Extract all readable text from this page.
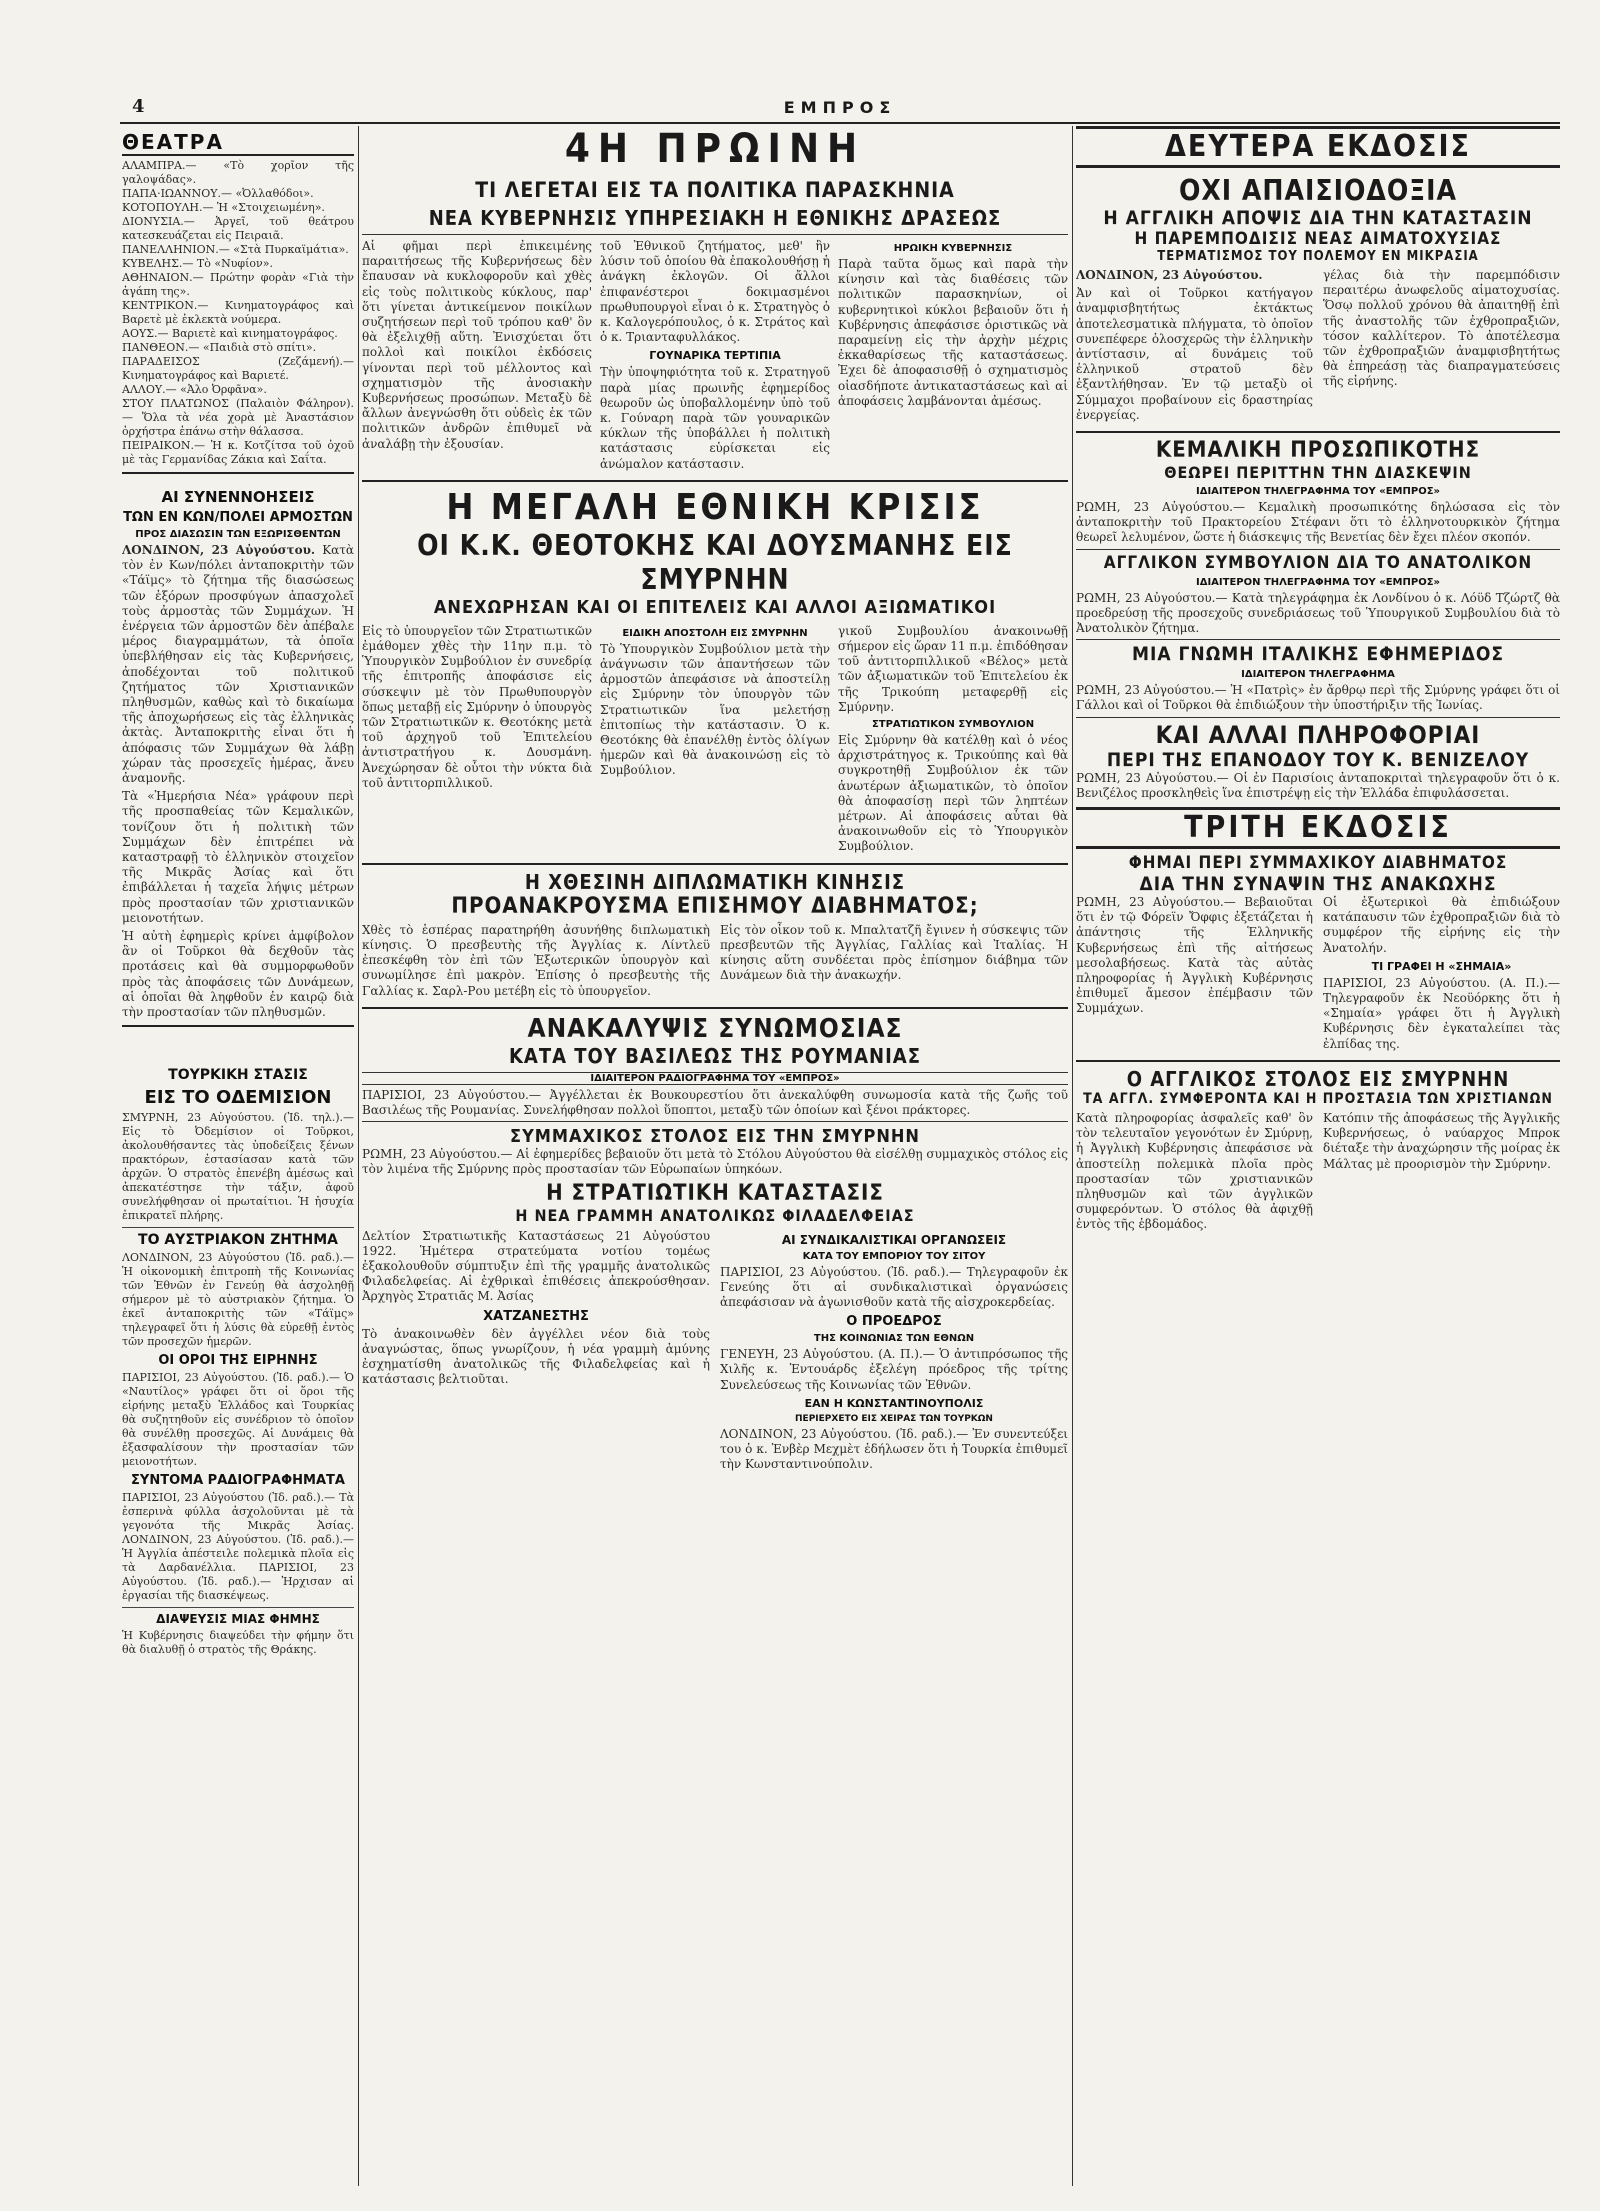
4	ΕΜΠΡΟΣ
ΘΕΑΤΡΑ

ΑΛΑΜΠΡΑ.— «Τὸ χορῖον τῆς γαλοψάδας».

ΠΑΠΑ·ΙΩΑΝΝΟΥ.— «Ὀλλαθόδοι».

ΚΟΤΟΠΟΥΛΗ.— Ἡ «Στοιχειωμένη».

ΔΙΟΝΥΣΙΑ.— Ἀργεῖ, τοῦ θεάτρου κατεσκευάζεται εἰς Πειραιᾶ.

ΠΑΝΕΛΛΗΝΙΟΝ.— «Στὰ Πυρκαϊμάτια».

ΚΥΒΕΛΗΣ.— Τὸ «Νυφίον».

ΑΘΗΝΑΙΟΝ.— Πρώτην φορὰν «Γιὰ τὴν ἀγάπη της».

ΚΕΝΤΡΙΚΟΝ.— Κινηματογράφος καὶ Βαρετὲ μὲ ἐκλεκτὰ νούμερα.

ΑΟΥΣ.— Βαριετὲ καὶ κινηματογράφος.

ΠΑΝΘΕΟΝ.— «Παιδιὰ στὸ σπίτι».

ΠΑΡΑΔΕΙΣΟΣ (Ζεζάμενή).— Κινηματογράφος καὶ Βαριετέ.

ΑΛΛΟΥ.— «Ἀλο Ὀρφᾶνα».

ΣΤΟΥ ΠΛΑΤΩΝΟΣ (Παλαιὸν Φάληρον).— Ὅλα τὰ νέα χορὰ μὲ Ἀναστάσιον ὀρχήστρα ἐπάνω στὴν θάλασσα.

ΠΕΙΡΑΙΚΟΝ.— Ἡ κ. Κοτζίτσα τοῦ ὀχοῦ μὲ τὰς Γερμανίδας Ζάκια καὶ Σαΐτα.

ΑΙ ΣΥΝΕΝΝΟΗΣΕΙΣ
ΤΩΝ ΕΝ ΚΩΝ/ΠΟΛΕΙ ΑΡΜΟΣΤΩΝ
ΠΡΟΣ ΔΙΑΣΩΣΙΝ ΤΩΝ ΕΞΩΡΙΣΘΕΝΤΩΝ

ΛΟΝΔΙΝΟΝ, 23 Αὐγούστου. Κατὰ τὸν ἐν Κων/πόλει ἀνταποκριτὴν τῶν «Τάϊμς» τὸ ζήτημα τῆς διασώσεως τῶν ἐξόρων προσφύγων ἀπασχολεῖ τοὺς ἀρμοστὰς τῶν Συμμάχων. Ἡ ἐνέργεια τῶν ἀρμοστῶν δὲν ἀπέβαλε μέρος διαγραμμάτων, τὰ ὁποῖα ὑπεβλήθησαν εἰς τὰς Κυβερνήσεις, ἀποδέχονται τοῦ πολιτικοῦ ζητήματος τῶν Χριστιανικῶν πληθυσμῶν, καθὼς καὶ τὸ δικαίωμα τῆς ἀποχωρήσεως εἰς τὰς ἐλληνικὰς ἀκτὰς. Ἀνταποκριτὴς εἶναι ὅτι ἡ ἀπόφασις τῶν Συμμάχων θὰ λάβῃ χώραν τὰς προσεχεῖς ἡμέρας, ἄνευ ἀναμονῆς.

Τὰ «Ἡμερήσια Νέα» γράφουν περὶ τῆς προσπαθείας τῶν Κεμαλικῶν, τονίζουν ὅτι ἡ πολιτικὴ τῶν Συμμάχων δὲν ἐπιτρέπει νὰ καταστραφῇ τὸ ἑλληνικὸν στοιχεῖον τῆς Μικρᾶς Ἀσίας καὶ ὅτι ἐπιβάλλεται ἡ ταχεῖα λήψις μέτρων πρὸς προστασίαν τῶν χριστιανικῶν μειονοτήτων.

Ἡ αὐτὴ ἐφημερὶς κρίνει ἀμφίβολον ἂν οἱ Τοῦρκοι θὰ δεχθοῦν τὰς προτάσεις καὶ θὰ συμμορφωθοῦν πρὸς τὰς ἀποφάσεις τῶν Δυνάμεων, αἱ ὁποῖαι θὰ ληφθοῦν ἐν καιρῷ διὰ τὴν προστασίαν τῶν πληθυσμῶν.

ΤΟΥΡΚΙΚΗ ΣΤΑΣΙΣ
ΕΙΣ ΤΟ ΟΔΕΜΙΣΙΟΝ

ΣΜΥΡΝΗ, 23 Αὐγούστου. (Ἰδ. τηλ.).— Εἰς τὸ Ὀδεμίσιον οἱ Τοῦρκοι, ἀκολουθήσαντες τὰς ὑποδείξεις ξένων πρακτόρων, ἐστασίασαν κατὰ τῶν ἀρχῶν. Ὁ στρατὸς ἐπενέβη ἀμέσως καὶ ἀπεκατέστησε τὴν τάξιν, ἀφοῦ συνελήφθησαν οἱ πρωταίτιοι. Ἡ ἡσυχία ἐπικρατεῖ πλήρης.

ΤΟ ΑΥΣΤΡΙΑΚΟΝ ΖΗΤΗΜΑ

ΛΟΝΔΙΝΟΝ, 23 Αὐγούστου (Ἰδ. ραδ.).— Ἡ οἰκονομικὴ ἐπιτροπὴ τῆς Κοινωνίας τῶν Ἐθνῶν ἐν Γενεύῃ θὰ ἀσχοληθῇ σήμερον μὲ τὸ αὐστριακὸν ζήτημα. Ὁ ἐκεῖ ἀνταποκριτὴς τῶν «Τάϊμς» τηλεγραφεῖ ὅτι ἡ λύσις θὰ εὑρεθῇ ἐντὸς τῶν προσεχῶν ἡμερῶν.

ΟΙ ΟΡΟΙ ΤΗΣ ΕΙΡΗΝΗΣ

ΠΑΡΙΣΙΟΙ, 23 Αὐγούστου. (Ἰδ. ραδ.).— Ὁ «Ναυτίλος» γράφει ὅτι οἱ ὅροι τῆς εἰρήνης μεταξὺ Ἑλλάδος καὶ Τουρκίας θὰ συζητηθοῦν εἰς συνέδριον τὸ ὁποῖον θὰ συνέλθῃ προσεχῶς. Αἱ Δυνάμεις θὰ ἐξασφαλίσουν τὴν προστασίαν τῶν μειονοτήτων.

ΣΥΝΤΟΜΑ ΡΑΔΙΟΓΡΑΦΗΜΑΤΑ

ΠΑΡΙΣΙΟΙ, 23 Αὐγούστου (Ἰδ. ραδ.).— Τὰ ἐσπερινὰ φύλλα ἀσχολοῦνται μὲ τὰ γεγονότα τῆς Μικρᾶς Ἀσίας. ΛΟΝΔΙΝΟΝ, 23 Αὐγούστου. (Ἰδ. ραδ.).— Ἡ Ἀγγλία ἀπέστειλε πολεμικὰ πλοῖα εἰς τὰ Δαρδανέλλια. ΠΑΡΙΣΙΟΙ, 23 Αὐγούστου. (Ἰδ. ραδ.).— Ἠρχισαν αἱ ἐργασίαι τῆς διασκέψεως.

ΔΙΑΨΕΥΣΙΣ ΜΙΑΣ ΦΗΜΗΣ

Ἡ Κυβέρνησις διαψεύδει τὴν φήμην ὅτι θὰ διαλυθῇ ὁ στρατὸς τῆς Θράκης.

4Η ΠΡΩΙΝΗ
ΤΙ ΛΕΓΕΤΑΙ ΕΙΣ ΤΑ ΠΟΛΙΤΙΚΑ ΠΑΡΑΣΚΗΝΙΑ
ΝΕΑ ΚΥΒΕΡΝΗΣΙΣ ΥΠΗΡΕΣΙΑΚΗ Η ΕΘΝΙΚΗΣ ΔΡΑΣΕΩΣ

Αἱ φῆμαι περὶ ἐπικειμένης παραιτήσεως τῆς Κυβερνήσεως δὲν ἔπαυσαν νὰ κυκλοφοροῦν καὶ χθὲς εἰς τοὺς πολιτικοὺς κύκλους, παρ' ὅτι γίνεται ἀντικείμενον ποικίλων συζητήσεων περὶ τοῦ τρόπου καθ' ὃν θὰ ἐξελιχθῇ αὕτη. Ἐνισχύεται ὅτι πολλοὶ καὶ ποικίλοι ἐκδόσεις γίνονται περὶ τοῦ μέλλοντος καὶ σχηματισμὸν τῆς ἀνοσιακὴν Κυβερνήσεως προσώπων. Μεταξὺ δὲ ἄλλων ἀνεγνώσθη ὅτι οὐδεὶς ἐκ τῶν πολιτικῶν ἀνδρῶν ἐπιθυμεῖ νὰ ἀναλάβῃ τὴν ἐξουσίαν.

τοῦ Ἐθνικοῦ ζητήματος, μεθ' ἣν λύσιν τοῦ ὁποίου θὰ ἐπακολουθήσῃ ἡ ἀνάγκη ἐκλογῶν. Οἱ ἄλλοι ἐπιφανέστεροι δοκιμασμένοι πρωθυπουργοὶ εἶναι ὁ κ. Στρατηγὸς ὁ κ. Καλογερόπουλος, ὁ κ. Στράτος καὶ ὁ κ. Τριανταφυλλάκος.

ΓΟΥΝΑΡΙΚΑ ΤΕΡΤΙΠΙΑ

Τὴν ὑποψηφιότητα τοῦ κ. Στρατηγοῦ παρὰ μίας πρωινῆς ἐφημερίδος θεωροῦν ὡς ὑποβαλλομένην ὑπὸ τοῦ κ. Γούναρη παρὰ τῶν γουναρικῶν κύκλων τῆς ὑποβάλλει ἡ πολιτικὴ κατάστασις εὑρίσκεται εἰς ἀνώμαλον κατάστασιν.

ΗΡΩΙΚΗ ΚΥΒΕΡΝΗΣΙΣ

Παρὰ ταῦτα ὅμως καὶ παρὰ τὴν κίνησιν καὶ τὰς διαθέσεις τῶν πολιτικῶν παρασκηνίων, οἱ κυβερνητικοὶ κύκλοι βεβαιοῦν ὅτι ἡ Κυβέρνησις ἀπεφάσισε ὁριστικῶς νὰ παραμείνῃ εἰς τὴν ἀρχὴν μέχρις ἐκκαθαρίσεως τῆς καταστάσεως. Ἐχει δὲ ἀποφασισθῇ ὁ σχηματισμὸς οἱασδήποτε ἀντικαταστάσεως καὶ αἱ ἀποφάσεις λαμβάνονται ἀμέσως.

Η ΜΕΓΑΛΗ ΕΘΝΙΚΗ ΚΡΙΣΙΣ
ΟΙ Κ.Κ. ΘΕΟΤΟΚΗΣ ΚΑΙ ΔΟΥΣΜΑΝΗΣ ΕΙΣ ΣΜΥΡΝΗΝ
ΑΝΕΧΩΡΗΣΑΝ ΚΑΙ ΟΙ ΕΠΙΤΕΛΕΙΣ ΚΑΙ ΑΛΛΟΙ ΑΞΙΩΜΑΤΙΚΟΙ

Εἰς τὸ ὑπουργεῖον τῶν Στρατιωτικῶν ἐμάθομεν χθὲς τὴν 11ην π.μ. τὸ Ὑπουργικὸν Συμβούλιον ἐν συνεδρίᾳ τῆς ἐπιτροπῆς ἀποφάσισε εἰς σύσκεψιν μὲ τὸν Πρωθυπουργὸν ὅπως μεταβῇ εἰς Σμύρνην ὁ ὑπουργὸς τῶν Στρατιωτικῶν κ. Θεοτόκης μετὰ τοῦ ἀρχηγοῦ τοῦ Ἐπιτελείου ἀντιστρατήγου κ. Δουσμάνη. Ἀνεχώρησαν δὲ οὗτοι τὴν νύκτα διὰ τοῦ ἀντιτορπιλλικοῦ.

ΕΙΔΙΚΗ ΑΠΟΣΤΟΛΗ ΕΙΣ ΣΜΥΡΝΗΝ

Τὸ Ὑπουργικὸν Συμβούλιον μετὰ τὴν ἀνάγνωσιν τῶν ἀπαντήσεων τῶν ἀρμοστῶν ἀπεφάσισε νὰ ἀποστείλῃ εἰς Σμύρνην τὸν ὑπουργὸν τῶν Στρατιωτικῶν ἵνα μελετήσῃ ἐπιτοπίως τὴν κατάστασιν. Ὁ κ. Θεοτόκης θὰ ἐπανέλθῃ ἐντὸς ὀλίγων ἡμερῶν καὶ θὰ ἀνακοινώσῃ εἰς τὸ Συμβούλιον.

γικοῦ Συμβουλίου ἀνακοινωθῇ σήμερον εἰς ὥραν 11 π.μ. ἐπιδόθησαν τοῦ ἀντιτορπιλλικοῦ «Βέλος» μετὰ τῶν ἀξιωματικῶν τοῦ Ἐπιτελείου ἐκ τῆς Τρικούπη μεταφερθῇ εἰς Σμύρνην.

ΣΤΡΑΤΙΩΤΙΚΟΝ ΣΥΜΒΟΥΛΙΟΝ

Εἰς Σμύρνην θὰ κατέλθῃ καὶ ὁ νέος ἀρχιστράτηγος κ. Τρικούπης καὶ θὰ συγκροτηθῇ Συμβούλιον ἐκ τῶν ἀνωτέρων ἀξιωματικῶν, τὸ ὁποῖον θὰ ἀποφασίσῃ περὶ τῶν ληπτέων μέτρων. Αἱ ἀποφάσεις αὗται θὰ ἀνακοινωθοῦν εἰς τὸ Ὑπουργικὸν Συμβούλιον.

Η ΧΘΕΣΙΝΗ ΔΙΠΛΩΜΑΤΙΚΗ ΚΙΝΗΣΙΣ
ΠΡΟΑΝΑΚΡΟΥΣΜΑ ΕΠΙΣΗΜΟΥ ΔΙΑΒΗΜΑΤΟΣ;

Χθὲς τὸ ἑσπέρας παρατηρήθη ἀσυνήθης διπλωματικὴ κίνησις. Ὁ πρεσβευτὴς τῆς Ἀγγλίας κ. Λίντλεϋ ἐπεσκέφθη τὸν ἐπὶ τῶν Ἐξωτερικῶν ὑπουργὸν καὶ συνωμίλησε ἐπὶ μακρὸν. Ἐπίσης ὁ πρεσβευτὴς τῆς Γαλλίας κ. Σαρλ-Ρου μετέβη εἰς τὸ ὑπουργεῖον.

Εἰς τὸν οἶκον τοῦ κ. Μπαλτατζῆ ἔγινεν ἡ σύσκεψις τῶν πρεσβευτῶν τῆς Ἀγγλίας, Γαλλίας καὶ Ἰταλίας. Ἡ κίνησις αὕτη συνδέεται πρὸς ἐπίσημον διάβημα τῶν Δυνάμεων διὰ τὴν ἀνακωχήν.

ΑΝΑΚΑΛΥΨΙΣ ΣΥΝΩΜΟΣΙΑΣ
ΚΑΤΑ ΤΟΥ ΒΑΣΙΛΕΩΣ ΤΗΣ ΡΟΥΜΑΝΙΑΣ
ΙΔΙΑΙΤΕΡΟΝ ΡΑΔΙΟΓΡΑΦΗΜΑ ΤΟΥ «ΕΜΠΡΟΣ»

ΠΑΡΙΣΙΟΙ, 23 Αὐγούστου.— Ἀγγέλλεται ἐκ Βουκουρεστίου ὅτι ἀνεκαλύφθη συνωμοσία κατὰ τῆς ζωῆς τοῦ Βασιλέως τῆς Ρουμανίας. Συνελήφθησαν πολλοὶ ὕποπτοι, μεταξὺ τῶν ὁποίων καὶ ξένοι πράκτορες.

ΣΥΜΜΑΧΙΚΟΣ ΣΤΟΛΟΣ ΕΙΣ ΤΗΝ ΣΜΥΡΝΗΝ

ΡΩΜΗ, 23 Αὐγούστου.— Αἱ ἐφημερίδες βεβαιοῦν ὅτι μετὰ τὸ Στόλου Αὐγούστου θὰ εἰσέλθῃ συμμαχικὸς στόλος εἰς τὸν λιμένα τῆς Σμύρνης πρὸς προστασίαν τῶν Εὐρωπαίων ὑπηκόων.

Η ΣΤΡΑΤΙΩΤΙΚΗ ΚΑΤΑΣΤΑΣΙΣ
Η ΝΕΑ ΓΡΑΜΜΗ ΑΝΑΤΟΛΙΚΩΣ ΦΙΛΑΔΕΛΦΕΙΑΣ

Δελτίον Στρατιωτικῆς Καταστάσεως 21 Αὐγούστου 1922. Ἡμέτερα στρατεύματα νοτίου τομέως ἐξακολουθοῦν σύμπτυξιν ἐπὶ τῆς γραμμῆς ἀνατολικῶς Φιλαδελφείας. Αἱ ἐχθρικαὶ ἐπιθέσεις ἀπεκρούσθησαν. Ἀρχηγὸς Στρατιᾶς Μ. Ἀσίας

ΧΑΤΖΑΝΕΣΤΗΣ

Τὸ ἀνακοινωθὲν δὲν ἀγγέλλει νέον διὰ τοὺς ἀναγνώστας, ὅπως γνωρίζουν, ἡ νέα γραμμὴ ἀμύνης ἐσχηματίσθη ἀνατολικῶς τῆς Φιλαδελφείας καὶ ἡ κατάστασις βελτιοῦται.

ΑΙ ΣΥΝΔΙΚΑΛΙΣΤΙΚΑΙ ΟΡΓΑΝΩΣΕΙΣ
ΚΑΤΑ ΤΟΥ ΕΜΠΟΡΙΟΥ ΤΟΥ ΣΙΤΟΥ

ΠΑΡΙΣΙΟΙ, 23 Αὐγούστου. (Ἰδ. ραδ.).— Τηλεγραφοῦν ἐκ Γενεύης ὅτι αἱ συνδικαλιστικαὶ ὀργανώσεις ἀπεφάσισαν νὰ ἀγωνισθοῦν κατὰ τῆς αἰσχροκερδείας.

Ο ΠΡΟΕΔΡΟΣ
ΤΗΣ ΚΟΙΝΩΝΙΑΣ ΤΩΝ ΕΘΝΩΝ

ΓΕΝΕΥΗ, 23 Αὐγούστου. (Α. Π.).— Ὁ ἀντιπρόσωπος τῆς Χιλῆς κ. Ἐντουάρδς ἐξελέγη πρόεδρος τῆς τρίτης Συνελεύσεως τῆς Κοινωνίας τῶν Ἐθνῶν.

ΕΑΝ Η ΚΩΝΣΤΑΝΤΙΝΟΥΠΟΛΙΣ
ΠΕΡΙΕΡΧΕΤΟ ΕΙΣ ΧΕΙΡΑΣ ΤΩΝ ΤΟΥΡΚΩΝ

ΛΟΝΔΙΝΟΝ, 23 Αὐγούστου. (Ἰδ. ραδ.).— Ἐν συνεντεύξει του ὁ κ. Ἐνβὲρ Μεχμὲτ ἐδήλωσεν ὅτι ἡ Τουρκία ἐπιθυμεῖ τὴν Κωνσταντινούπολιν.

ΔΕΥΤΕΡΑ ΕΚΔΟΣΙΣ
ΟΧΙ ΑΠΑΙΣΙΟΔΟΞΙΑ
Η ΑΓΓΛΙΚΗ ΑΠΟΨΙΣ ΔΙΑ ΤΗΝ ΚΑΤΑΣΤΑΣΙΝ
Η ΠΑΡΕΜΠΟΔΙΣΙΣ ΝΕΑΣ ΑΙΜΑΤΟΧΥΣΙΑΣ
ΤΕΡΜΑΤΙΣΜΟΣ ΤΟΥ ΠΟΛΕΜΟΥ ΕΝ ΜΙΚΡΑΣΙΑ
ΛΟΝΔΙΝΟΝ, 23 Αὐγούστου.

Ἀν καὶ οἱ Τοῦρκοι κατήγαγον ἀναμφισβητήτως ἐκτάκτως ἀποτελεσματικὰ πλήγματα, τὸ ὁποῖον συνεπέφερε ὁλοσχερῶς τὴν ἑλληνικὴν ἀντίστασιν, αἱ δυνάμεις τοῦ ἑλληνικοῦ στρατοῦ δὲν ἐξαντλήθησαν. Ἐν τῷ μεταξὺ οἱ Σύμμαχοι προβαίνουν εἰς δραστηρίας ἐνεργείας.

γέλας διὰ τὴν παρεμπόδισιν περαιτέρω ἀνωφελοῦς αἱματοχυσίας. Ὅσῳ πολλοῦ χρόνου θὰ ἀπαιτηθῇ ἐπὶ τῆς ἀναστολῆς τῶν ἐχθροπραξιῶν, τόσον καλλίτερον. Τὸ ἀποτέλεσμα τῶν ἐχθροπραξιῶν ἀναμφισβητήτως θὰ ἐπηρεάσῃ τὰς διαπραγματεύσεις τῆς εἰρήνης.

ΚΕΜΑΛΙΚΗ ΠΡΟΣΩΠΙΚΟΤΗΣ
ΘΕΩΡΕΙ ΠΕΡΙΤΤΗΝ ΤΗΝ ΔΙΑΣΚΕΨΙΝ
ΙΔΙΑΙΤΕΡΟΝ ΤΗΛΕΓΡΑΦΗΜΑ ΤΟΥ «ΕΜΠΡΟΣ»

ΡΩΜΗ, 23 Αὐγούστου.— Κεμαλικὴ προσωπικότης δηλώσασα εἰς τὸν ἀνταποκριτὴν τοῦ Πρακτορείου Στέφανι ὅτι τὸ ἑλληνοτουρκικὸν ζήτημα θεωρεῖ λελυμένον, ὥστε ἡ διάσκεψις τῆς Βενετίας δὲν ἔχει πλέον σκοπόν.

ΑΓΓΛΙΚΟΝ ΣΥΜΒΟΥΛΙΟΝ ΔΙΑ ΤΟ ΑΝΑΤΟΛΙΚΟΝ
ΙΔΙΑΙΤΕΡΟΝ ΤΗΛΕΓΡΑΦΗΜΑ ΤΟΥ «ΕΜΠΡΟΣ»

ΡΩΜΗ, 23 Αὐγούστου.— Κατὰ τηλεγράφημα ἐκ Λονδίνου ὁ κ. Λόϋδ Τζώρτζ θὰ προεδρεύσῃ τῆς προσεχοῦς συνεδριάσεως τοῦ Ὑπουργικοῦ Συμβουλίου διὰ τὸ Ἀνατολικὸν ζήτημα.

ΜΙΑ ΓΝΩΜΗ ΙΤΑΛΙΚΗΣ ΕΦΗΜΕΡΙΔΟΣ
ΙΔΙΑΙΤΕΡΟΝ ΤΗΛΕΓΡΑΦΗΜΑ

ΡΩΜΗ, 23 Αὐγούστου.— Ἡ «Πατρὶς» ἐν ἄρθρῳ περὶ τῆς Σμύρνης γράφει ὅτι οἱ Γάλλοι καὶ οἱ Τοῦρκοι θὰ ἐπιδιώξουν τὴν ὑποστήριξιν τῆς Ἰωνίας.

ΚΑΙ ΑΛΛΑΙ ΠΛΗΡΟΦΟΡΙΑΙ
ΠΕΡΙ ΤΗΣ ΕΠΑΝΟΔΟΥ ΤΟΥ Κ. ΒΕΝΙΖΕΛΟΥ

ΡΩΜΗ, 23 Αὐγούστου.— Οἱ ἐν Παρισίοις ἀνταποκριταὶ τηλεγραφοῦν ὅτι ὁ κ. Βενιζέλος προσκληθεὶς ἵνα ἐπιστρέψῃ εἰς τὴν Ἑλλάδα ἐπιφυλάσσεται.

ΤΡΙΤΗ ΕΚΔΟΣΙΣ
ΦΗΜΑΙ ΠΕΡΙ ΣΥΜΜΑΧΙΚΟΥ ΔΙΑΒΗΜΑΤΟΣ
ΔΙΑ ΤΗΝ ΣΥΝΑΨΙΝ ΤΗΣ ΑΝΑΚΩΧΗΣ

ΡΩΜΗ, 23 Αὐγούστου.— Βεβαιοῦται ὅτι ἐν τῷ Φόρεϊν Ὄφφις ἐξετάζεται ἡ ἀπάντησις τῆς Ἑλληνικῆς Κυβερνήσεως ἐπὶ τῆς αἰτήσεως μεσολαβήσεως. Κατὰ τὰς αὐτὰς πληροφορίας ἡ Ἀγγλικὴ Κυβέρνησις ἐπιθυμεῖ ἄμεσον ἐπέμβασιν τῶν Συμμάχων.

Οἱ ἐξωτερικοὶ θὰ ἐπιδιώξουν κατάπαυσιν τῶν ἐχθροπραξιῶν διὰ τὸ συμφέρον τῆς εἰρήνης εἰς τὴν Ἀνατολήν.

ΤΙ ΓΡΑΦΕΙ Η «ΣΗΜΑΙΑ»

ΠΑΡΙΣΙΟΙ, 23 Αὐγούστου. (Α. Π.).— Τηλεγραφοῦν ἐκ Νεοϋόρκης ὅτι ἡ «Σημαία» γράφει ὅτι ἡ Ἀγγλικὴ Κυβέρνησις δὲν ἐγκαταλείπει τὰς ἐλπίδας της.

Ο ΑΓΓΛΙΚΟΣ ΣΤΟΛΟΣ ΕΙΣ ΣΜΥΡΝΗΝ
ΤΑ ΑΓΓΛ. ΣΥΜΦΕΡΟΝΤΑ ΚΑΙ Η ΠΡΟΣΤΑΣΙΑ ΤΩΝ ΧΡΙΣΤΙΑΝΩΝ

Κατὰ πληροφορίας ἀσφαλεῖς καθ' ὃν τὸν τελευταῖον γεγονότων ἐν Σμύρνῃ, ἡ Ἀγγλικὴ Κυβέρνησις ἀπεφάσισε νὰ ἀποστείλῃ πολεμικὰ πλοῖα πρὸς προστασίαν τῶν χριστιανικῶν πληθυσμῶν καὶ τῶν ἀγγλικῶν συμφερόντων. Ὁ στόλος θὰ ἀφιχθῇ ἐντὸς τῆς ἑβδομάδος.

Κατόπιν τῆς ἀποφάσεως τῆς Ἀγγλικῆς Κυβερνήσεως, ὁ ναύαρχος Μπροκ διέταξε τὴν ἀναχώρησιν τῆς μοίρας ἐκ Μάλτας μὲ προορισμὸν τὴν Σμύρνην.
